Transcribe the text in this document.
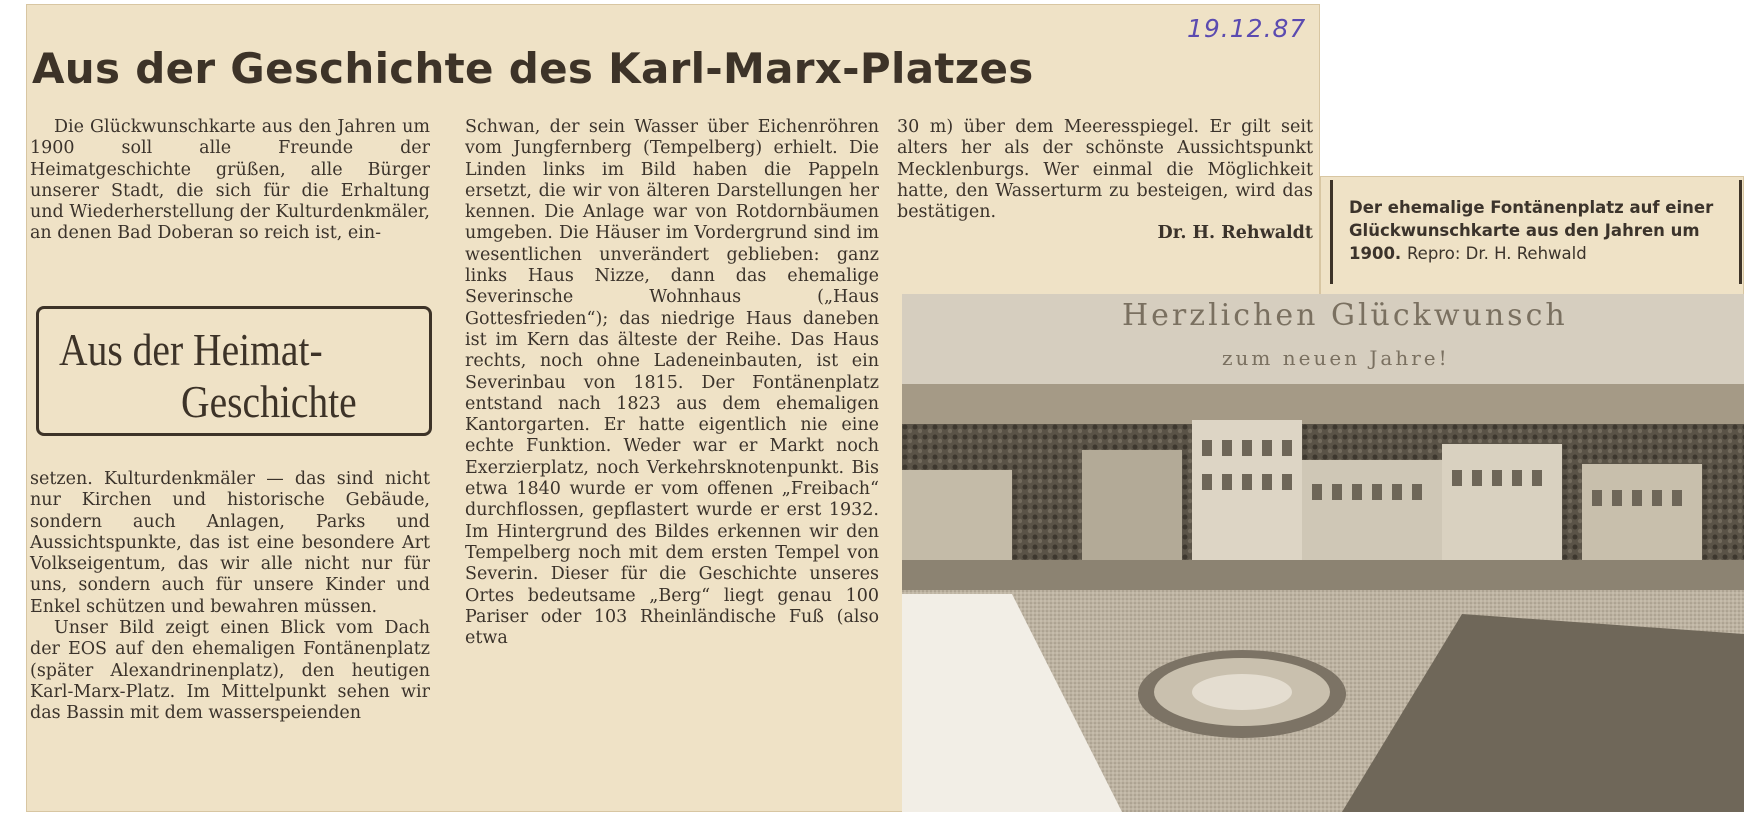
19.12.87
Aus der Geschichte des Karl-Marx-Platzes

Die Glückwunschkarte aus den Jahren um 1900 soll alle Freunde der Heimatgeschichte grüßen, alle Bürger unserer Stadt, die sich für die Erhaltung und Wiederherstellung der Kulturdenkmäler, an denen Bad Doberan so reich ist, ein-

Aus der Heimat-
Geschichte

setzen. Kulturdenkmäler — das sind nicht nur Kirchen und historische Gebäude, sondern auch Anlagen, Parks und Aussichtspunkte, das ist eine besondere Art Volkseigentum, das wir alle nicht nur für uns, sondern auch für unsere Kinder und Enkel schützen und bewahren müssen.

Unser Bild zeigt einen Blick vom Dach der EOS auf den ehemaligen Fontänenplatz (später Alexandrinenplatz), den heutigen Karl-Marx-Platz. Im Mittelpunkt sehen wir das Bassin mit dem wasserspeienden

Schwan, der sein Wasser über Eichenröhren vom Jungfernberg (Tempelberg) erhielt. Die Linden links im Bild haben die Pappeln ersetzt, die wir von älteren Darstellungen her kennen. Die Anlage war von Rotdornbäumen umgeben. Die Häuser im Vordergrund sind im wesentlichen unverändert geblieben: ganz links Haus Nizze, dann das ehemalige Severinsche Wohnhaus („Haus Gottesfrieden“); das niedrige Haus daneben ist im Kern das älteste der Reihe. Das Haus rechts, noch ohne Ladeneinbauten, ist ein Severinbau von 1815. Der Fontänenplatz entstand nach 1823 aus dem ehemaligen Kantorgarten. Er hatte eigentlich nie eine echte Funktion. Weder war er Markt noch Exerzierplatz, noch Verkehrsknotenpunkt. Bis etwa 1840 wurde er vom offenen „Freibach“ durchflossen, gepflastert wurde er erst 1932. Im Hintergrund des Bildes erkennen wir den Tempelberg noch mit dem ersten Tempel von Severin. Dieser für die Geschichte unseres Ortes bedeutsame „Berg“ liegt genau 100 Pariser oder 103 Rheinländische Fuß (also etwa

30 m) über dem Meeresspiegel. Er gilt seit alters her als der schönste Aussichtspunkt Mecklenburgs. Wer einmal die Möglichkeit hatte, den Wasserturm zu besteigen, wird das bestätigen.

Dr. H. Rehwaldt
Der ehemalige Fontänenplatz auf einer Glückwunschkarte aus den Jahren um 1900. Repro: Dr. H. Rehwald
Herzlichen Glückwunsch
zum neuen Jahre!
